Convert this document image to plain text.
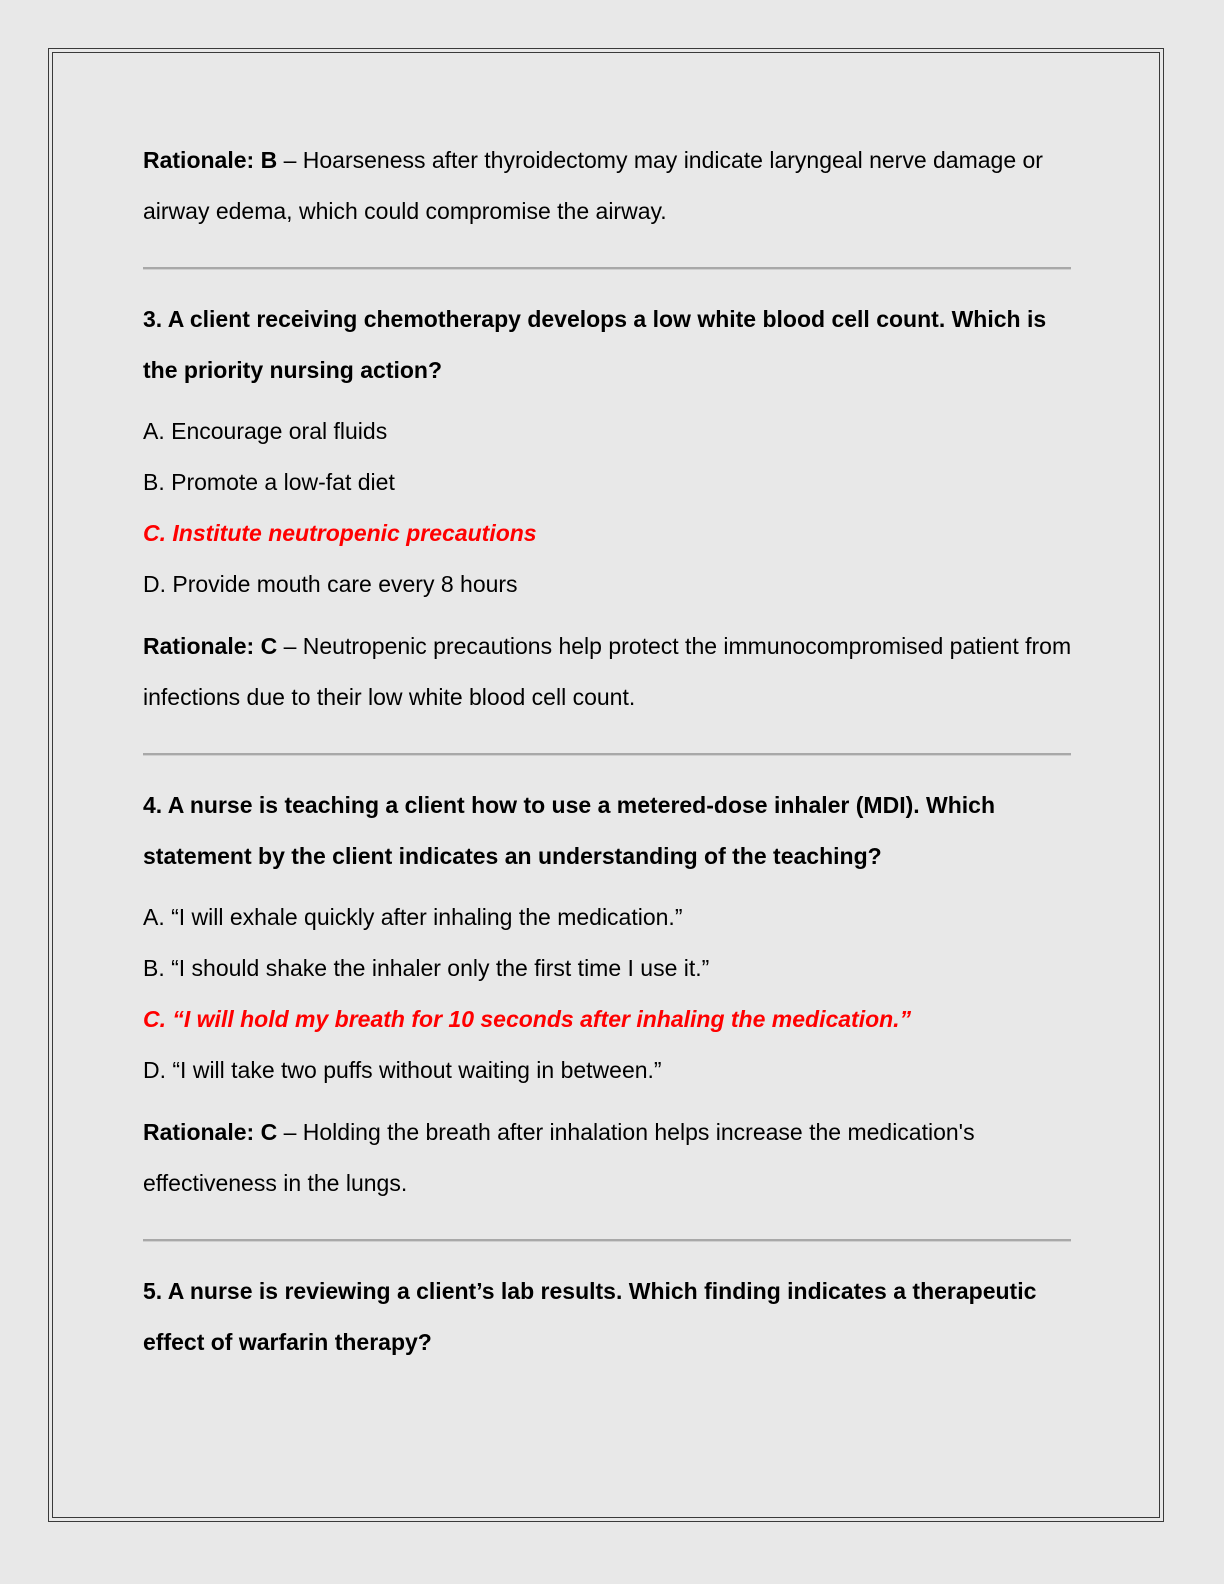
Rationale: B – Hoarseness after thyroidectomy may indicate laryngeal nerve damage or airway edema, which could compromise the airway.

3. A client receiving chemotherapy develops a low white blood cell count. Which is the priority nursing action?

A. Encourage oral fluids

B. Promote a low-fat diet

C. Institute neutropenic precautions

D. Provide mouth care every 8 hours

Rationale: C – Neutropenic precautions help protect the immunocompromised patient from infections due to their low white blood cell count.

4. A nurse is teaching a client how to use a metered-dose inhaler (MDI). Which statement by the client indicates an understanding of the teaching?

A. “I will exhale quickly after inhaling the medication.”

B. “I should shake the inhaler only the first time I use it.”

C. “I will hold my breath for 10 seconds after inhaling the medication.”

D. “I will take two puffs without waiting in between.”

Rationale: C – Holding the breath after inhalation helps increase the medication's effectiveness in the lungs.

5. A nurse is reviewing a client’s lab results. Which finding indicates a therapeutic effect of warfarin therapy?
